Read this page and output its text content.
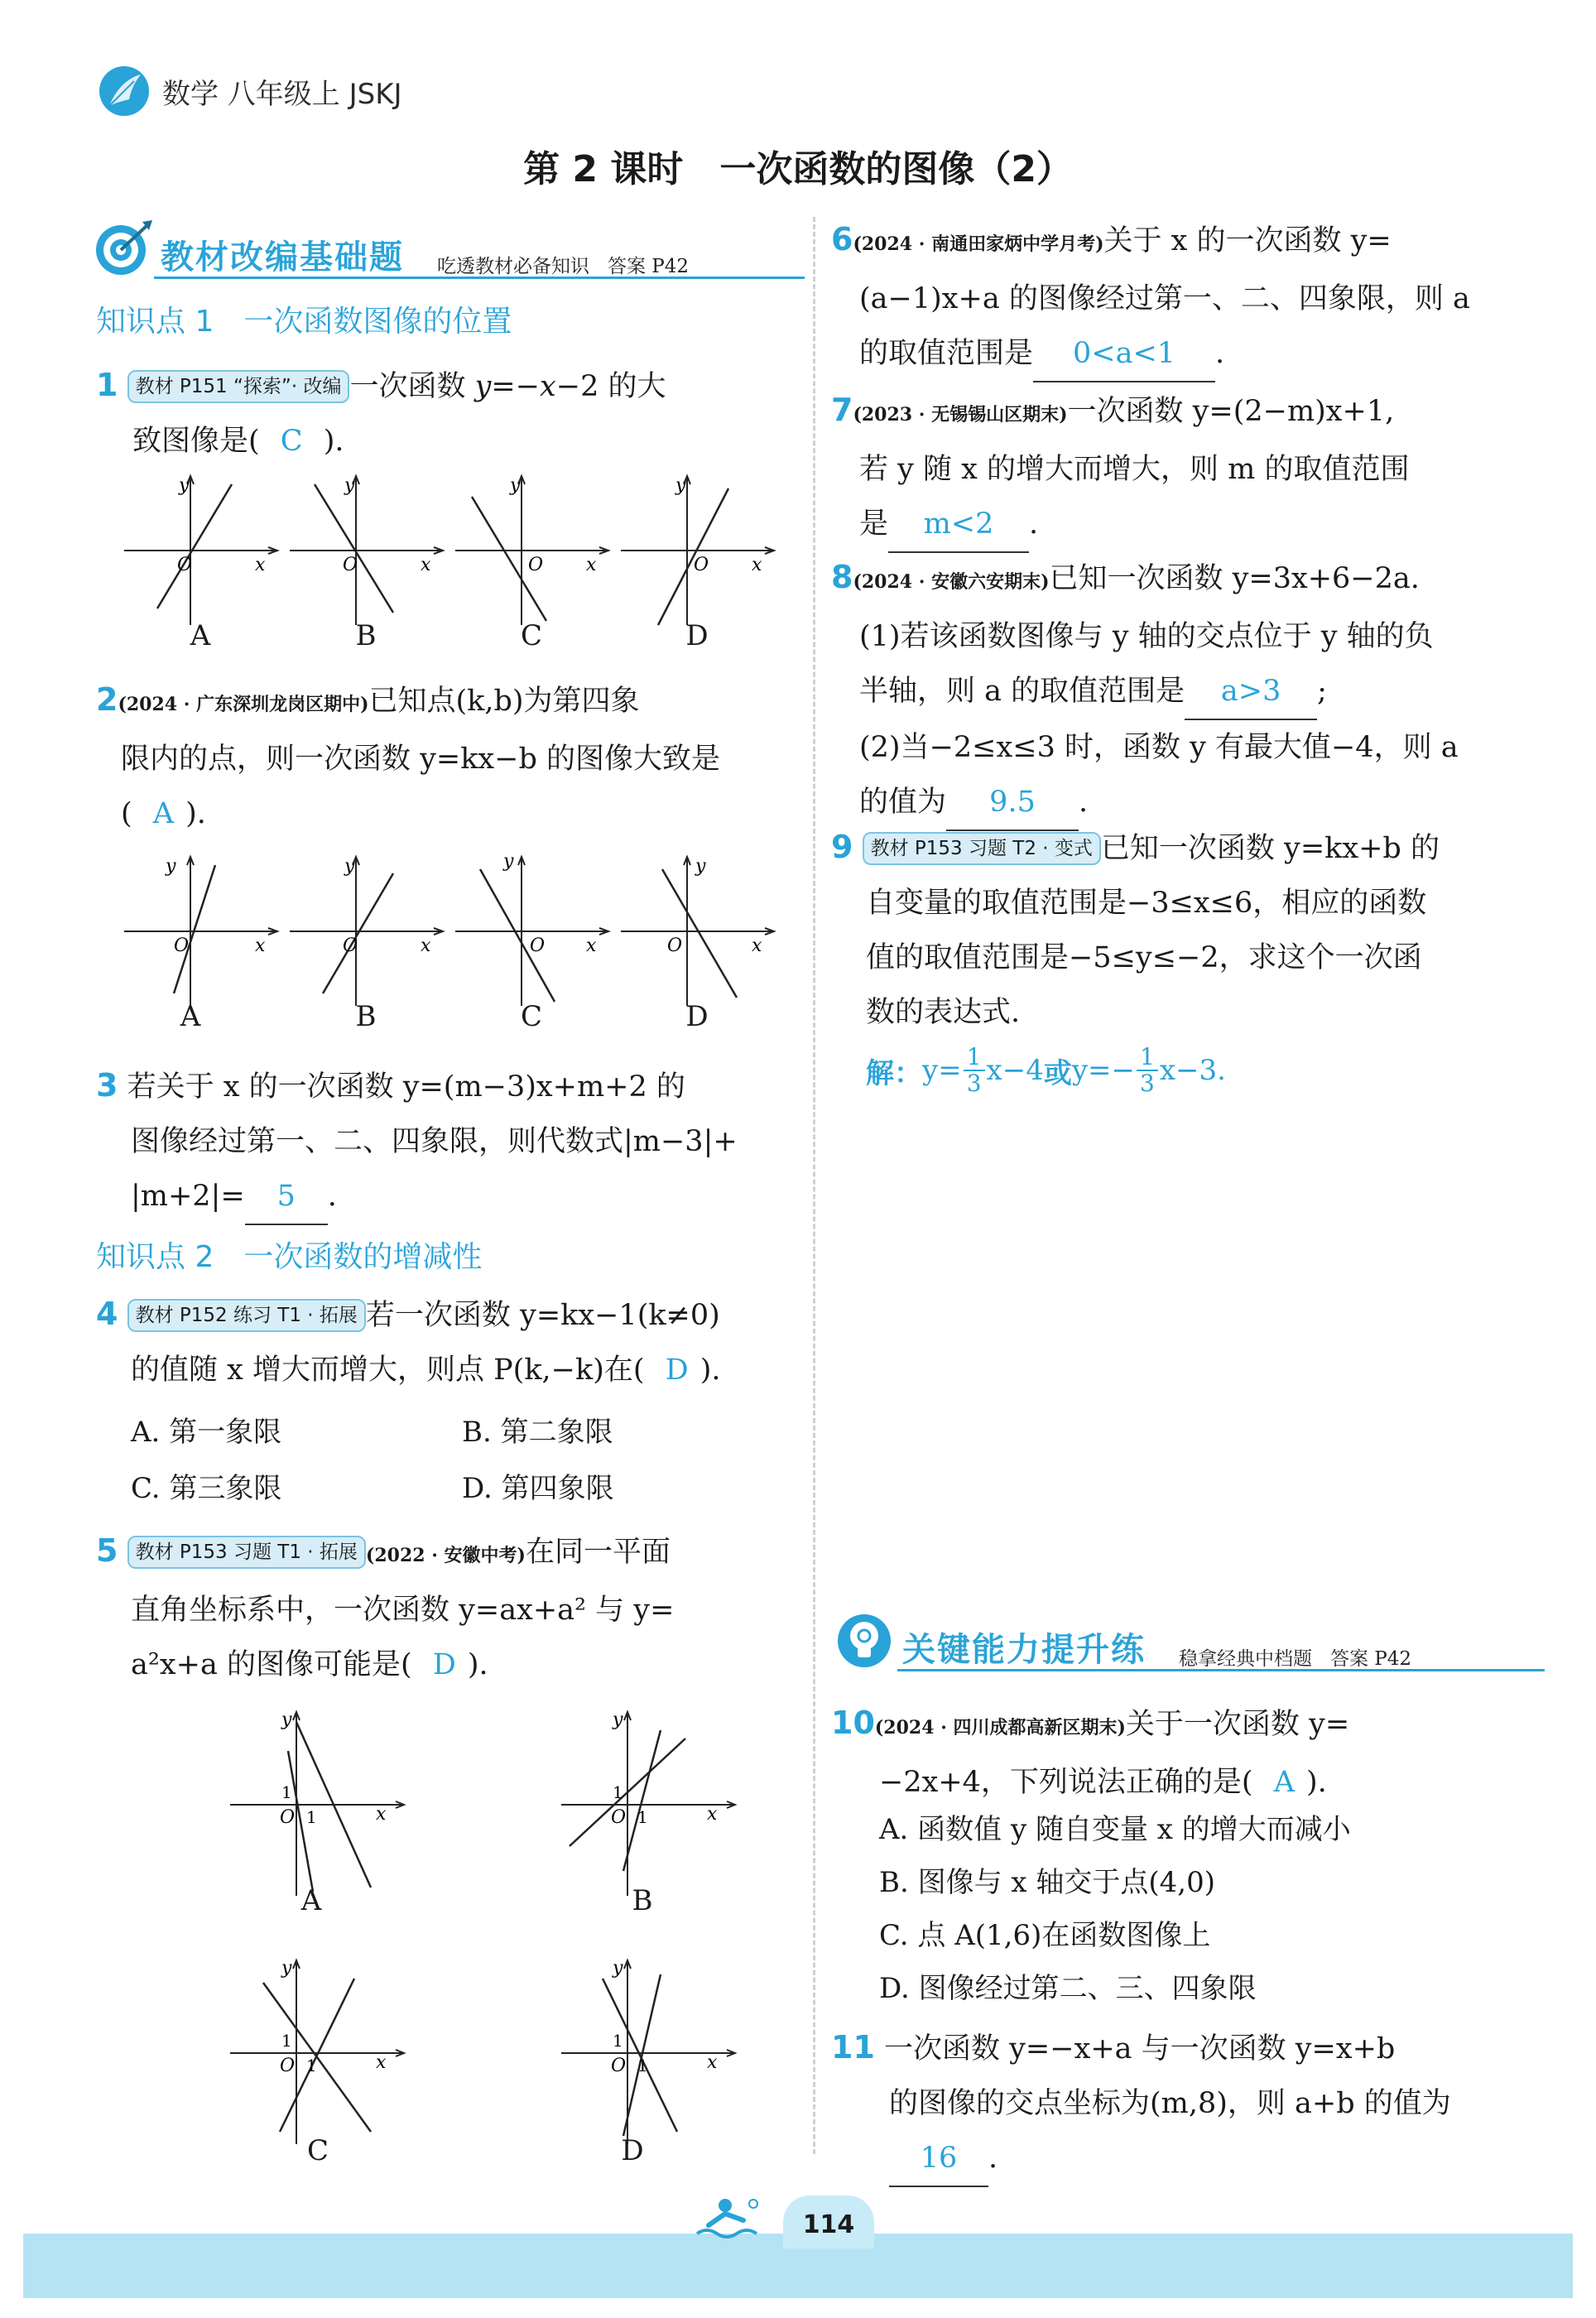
数学 八年级上 JSKJ
第 2 课时　一次函数的图像（2）
教材改编基础题 吃透教材必备知识 答案 P42
知识点 1　一次函数图像的位置
1 教材 P151 “探索”· 改编 一次函数 y=−x−2 的大
致图像是( C ).
y
x
O
y
x
O
y
x
O
y
x
O
A	B	C	D
2(2024 · 广东深圳龙岗区期中)已知点(k,b)为第四象
限内的点，则一次函数 y=kx−b 的图像大致是
( A ).
y
x
O
y
x
O
y
x
O
y
x
O
A	B	C	D
3 若关于 x 的一次函数 y=(m−3)x+m+2 的
图像经过第一、二、四象限，则代数式|m−3|+
|m+2|= 5 .
知识点 2　一次函数的增减性
4 教材 P152 练习 T1 · 拓展 若一次函数 y=kx−1(k≠0)
的值随 x 增大而增大，则点 P(k,−k)在( D ).
A. 第一象限	B. 第二象限
C. 第三象限	D. 第四象限
5 教材 P153 习题 T1 · 拓展 (2022 · 安徽中考)在同一平面
直角坐标系中，一次函数 y=ax+a² 与 y=
a²x+a 的图像可能是( D ).
y
x
O
1
1
y
x
O
1
1
y
x
O
1
1
y
x
O
1
1
A	B
C	D
6(2024 · 南通田家炳中学月考)关于 x 的一次函数 y=
(a−1)x+a 的图像经过第一、二、四象限，则 a
的取值范围是 0<a<1 .
7(2023 · 无锡锡山区期末)一次函数 y=(2−m)x+1,
若 y 随 x 的增大而增大，则 m 的取值范围
是 m<2 .
8(2024 · 安徽六安期末)已知一次函数 y=3x+6−2a.
(1)若该函数图像与 y 轴的交点位于 y 轴的负
半轴，则 a 的取值范围是 a>3 ;
(2)当−2≤x≤3 时，函数 y 有最大值−4，则 a
的值为 9.5 .
9 教材 P153 习题 T2 · 变式 已知一次函数 y=kx+b 的
自变量的取值范围是−3≤x≤6，相应的函数
值的取值范围是−5≤y≤−2，求这个一次函
数的表达式.
解： $y= \frac{1}{3} x-4$ 或 $y=- \frac{1}{3} x-3$.
关键能力提升练 稳拿经典中档题 答案 P42
10(2024 · 四川成都高新区期末)关于一次函数 y=
−2x+4，下列说法正确的是( A ).
A. 函数值 y 随自变量 x 的增大而减小
B. 图像与 x 轴交于点(4,0)
C. 点 A(1,6)在函数图像上
D. 图像经过第二、三、四象限
11 一次函数 y=−x+a 与一次函数 y=x+b
的图像的交点坐标为(m,8)，则 a+b 的值为
16 .
114
